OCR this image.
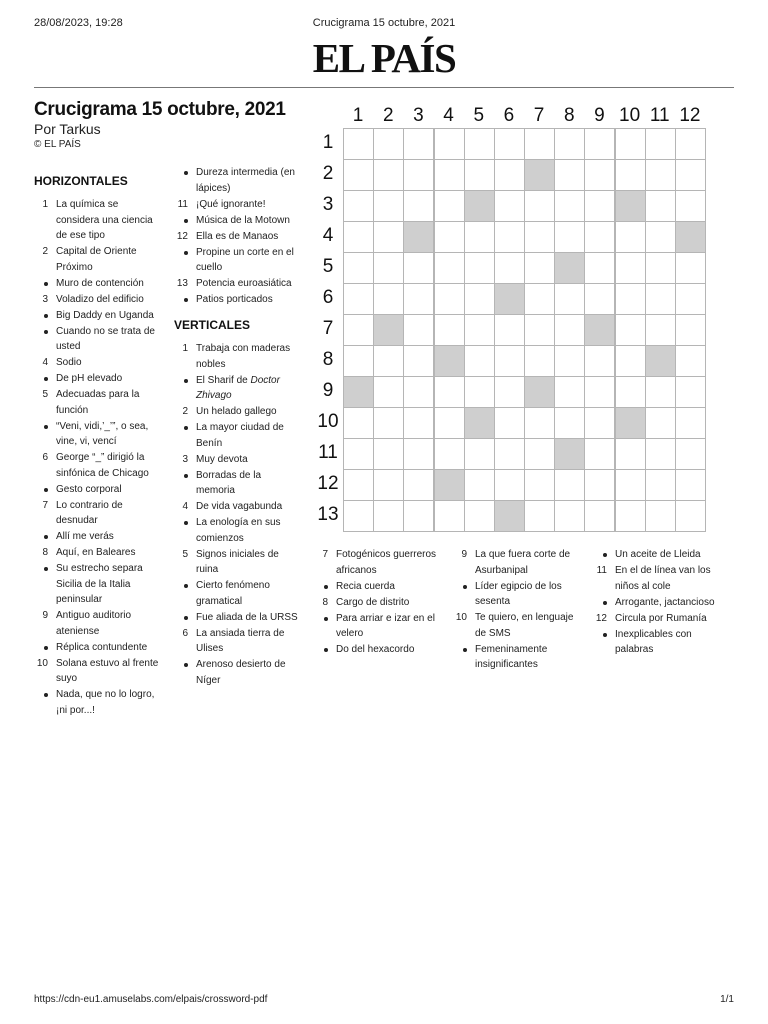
28/08/2023, 19:28	Crucigrama 15 octubre, 2021
EL PAÍS
Crucigrama 15 octubre, 2021
Por Tarkus
© EL PAÍS
HORIZONTALES
VERTICALES
1 La química se
considera una ciencia
de ese tipo
2 Capital de Oriente
Próximo
Muro de contención
3 Voladizo del edificio
Big Daddy en Uganda
Cuando no se trata de
usted
4 Sodio
De pH elevado
5 Adecuadas para la
función
“Veni, vidi,’_’”, o sea,
vine, vi, vencí
6 George “_” dirigió la
sinfónica de Chicago
Gesto corporal
7 Lo contrario de
desnudar
Allí me verás
8 Aquí, en Baleares
Su estrecho separa
Sicilia de la Italia
peninsular
9 Antiguo auditorio
ateniense
Réplica contundente
10 Solana estuvo al frente
suyo
Nada, que no lo logro,
¡ni por...!
Dureza intermedia (en
lápices)
11 ¡Qué ignorante!
Música de la Motown
12 Ella es de Manaos
Propine un corte en el
cuello
13 Potencia euroasiática
Patios porticados
1 Trabaja con maderas
nobles
El Sharif de Doctor
Zhivago
2 Un helado gallego
La mayor ciudad de
Benín
3 Muy devota
Borradas de la
memoria
4 De vida vagabunda
La enología en sus
comienzos
5 Signos iniciales de
ruina
Cierto fenómeno
gramatical
Fue aliada de la URSS
6 La ansiada tierra de
Ulises
Arenoso desierto de
Níger
7 Fotogénicos guerreros
africanos
Recia cuerda
8 Cargo de distrito
Para arriar e izar en el
velero
Do del hexacordo
9 La que fuera corte de
Asurbanipal
Líder egipcio de los
sesenta
10 Te quiero, en lenguaje
de SMS
Femeninamente
insignificantes
Un aceite de Lleida
11 En el de línea van los
niños al cole
Arrogante, jactancioso
12 Circula por Rumanía
Inexplicables con
palabras
1	2	3	4	5	6	7	8	9 10 11 12
1
2
3
4
5
6
7
8
9
10
11
12
13
https://cdn-eu1.amuselabs.com/elpais/crossword-pdf	1/1
